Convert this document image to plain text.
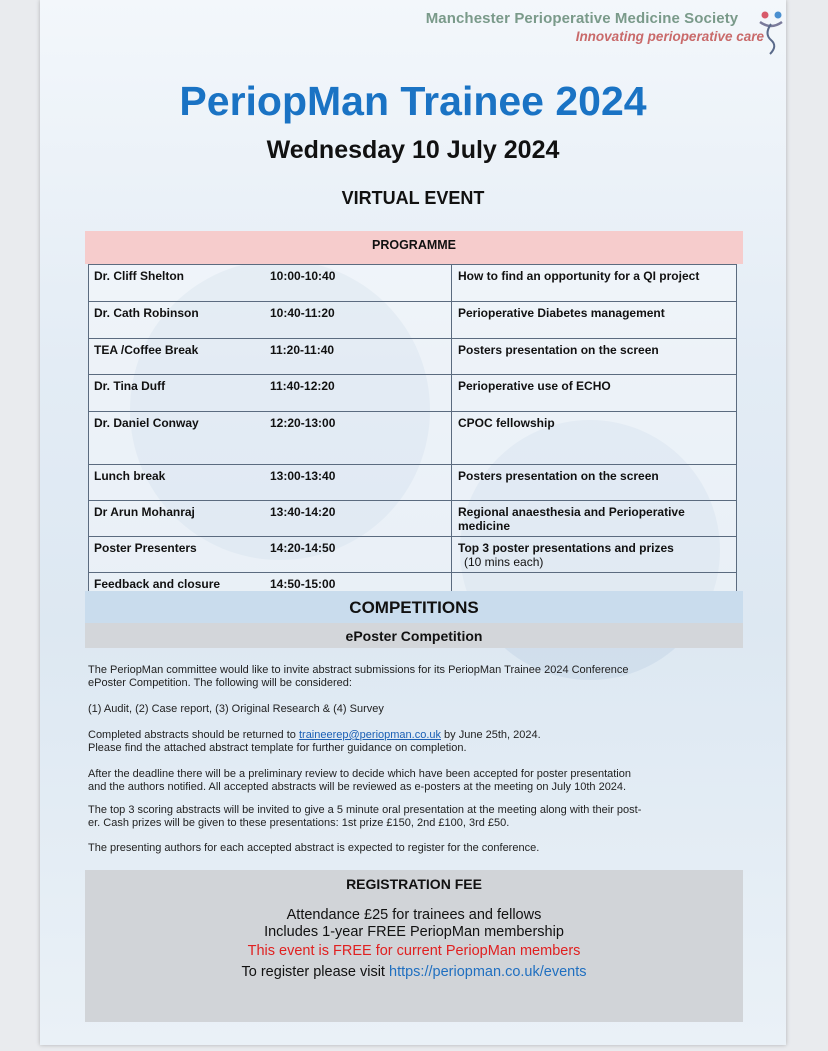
Manchester Perioperative Medicine Society
Innovating perioperative care
PeriopMan Trainee 2024
Wednesday 10 July 2024
VIRTUAL EVENT
PROGRAMME
Dr. Cliff Shelton 10:00-10:40	How to find an opportunity for a QI project

Dr. Cath Robinson 10:40-11:20	Perioperative Diabetes management

TEA /Coffee Break 11:20-11:40	Posters presentation on the screen

Dr. Tina Duff 11:40-12:20	Perioperative use of ECHO

Dr. Daniel Conway 12:20-13:00	CPOC fellowship

Lunch break 13:00-13:40	Posters presentation on the screen

Dr Arun Mohanraj 13:40-14:20	Regional anaesthesia and Perioperative
medicine

Poster Presenters 14:20-14:50	Top 3 poster presentations and prizes
(10 mins each)

Feedback and closure 14:50-15:00	
COMPETITIONS
ePoster Competition

The PeriopMan committee would like to invite abstract submissions for its PeriopMan Trainee 2024 Conference

ePoster Competition. The following will be considered:

(1) Audit, (2) Case report, (3) Original Research & (4) Survey

Completed abstracts should be returned to traineerep@periopman.co.uk by June 25th, 2024.

Please find the attached abstract template for further guidance on completion.

After the deadline there will be a preliminary review to decide which have been accepted for poster presentation

and the authors notified. All accepted abstracts will be reviewed as e-posters at the meeting on July 10th 2024.

The top 3 scoring abstracts will be invited to give a 5 minute oral presentation at the meeting along with their post-

er. Cash prizes will be given to these presentations: 1st prize £150, 2nd £100, 3rd £50.

The presenting authors for each accepted abstract is expected to register for the conference.

REGISTRATION FEE
Attendance £25 for trainees and fellows
Includes 1-year FREE PeriopMan membership
This event is FREE for current PeriopMan members
To register please visit https://periopman.co.uk/events
